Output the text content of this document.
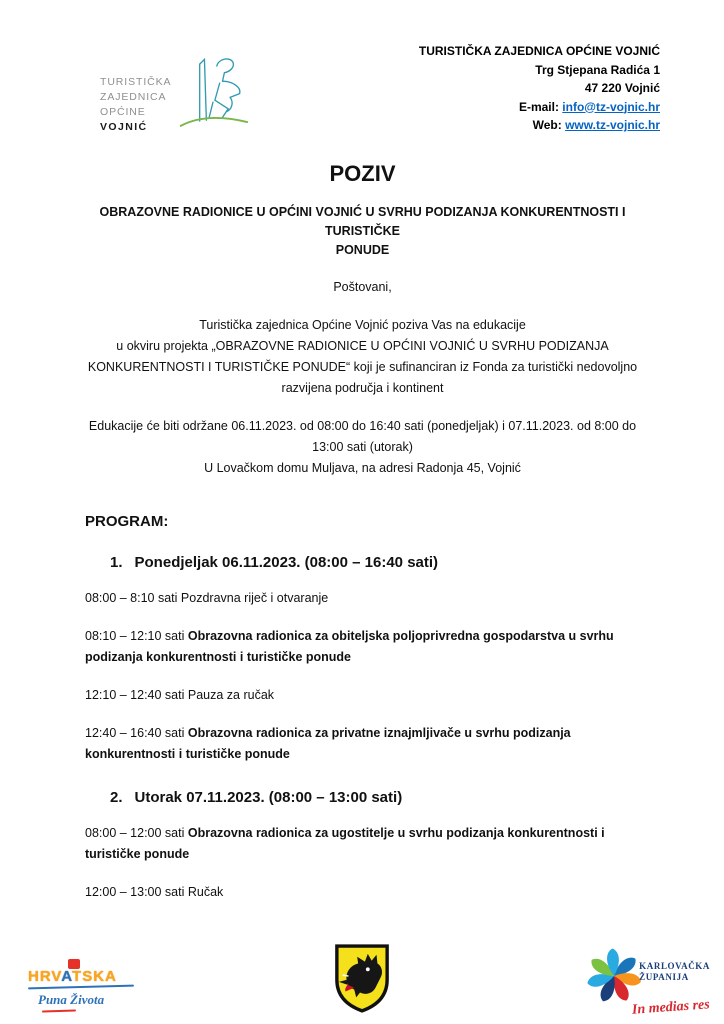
TURISTIČKA
ZAJEDNICA
OPĆINE
VOJNIĆ
TURISTIČKA ZAJEDNICA OPĆINE VOJNIĆ
Trg Stjepana Radića 1
47 220 Vojnić
E-mail: info@tz-vojnic.hr
Web: www.tz-vojnic.hr
POZIV
OBRAZOVNE RADIONICE U OPĆINI VOJNIĆ U SVRHU PODIZANJA KONKURENTNOSTI I TURISTIČKE
PONUDE

Poštovani,

Turistička zajednica Općine Vojnić poziva Vas na edukacije
u okviru projekta „OBRAZOVNE RADIONICE U OPĆINI VOJNIĆ U SVRHU PODIZANJA
KONKURENTNOSTI I TURISTIČKE PONUDE“ koji je sufinanciran iz Fonda za turistički nedovoljno
razvijena područja i kontinent

Edukacije će biti održane 06.11.2023. od 08:00 do 16:40 sati (ponedjeljak) i 07.11.2023. od 8:00 do
13:00 sati (utorak)
U Lovačkom domu Muljava, na adresi Radonja 45, Vojnić

PROGRAM:
1. Ponedjeljak 06.11.2023. (08:00 – 16:40 sati)

08:00 – 8:10 sati Pozdravna riječ i otvaranje

08:10 – 12:10 sati Obrazovna radionica za obiteljska poljoprivredna gospodarstva u svrhu podizanja konkurentnosti i turističke ponude

12:10 – 12:40 sati Pauza za ručak

12:40 – 16:40 sati Obrazovna radionica za privatne iznajmljivače u svrhu podizanja konkurentnosti i turističke ponude

2. Utorak 07.11.2023. (08:00 – 13:00 sati)

08:00 – 12:00 sati Obrazovna radionica za ugostitelje u svrhu podizanja konkurentnosti i turističke ponude

12:00 – 13:00 sati Ručak

HRVATSKA
Puna Života
KARLOVAČKA
ŽUPANIJA
In medias res
